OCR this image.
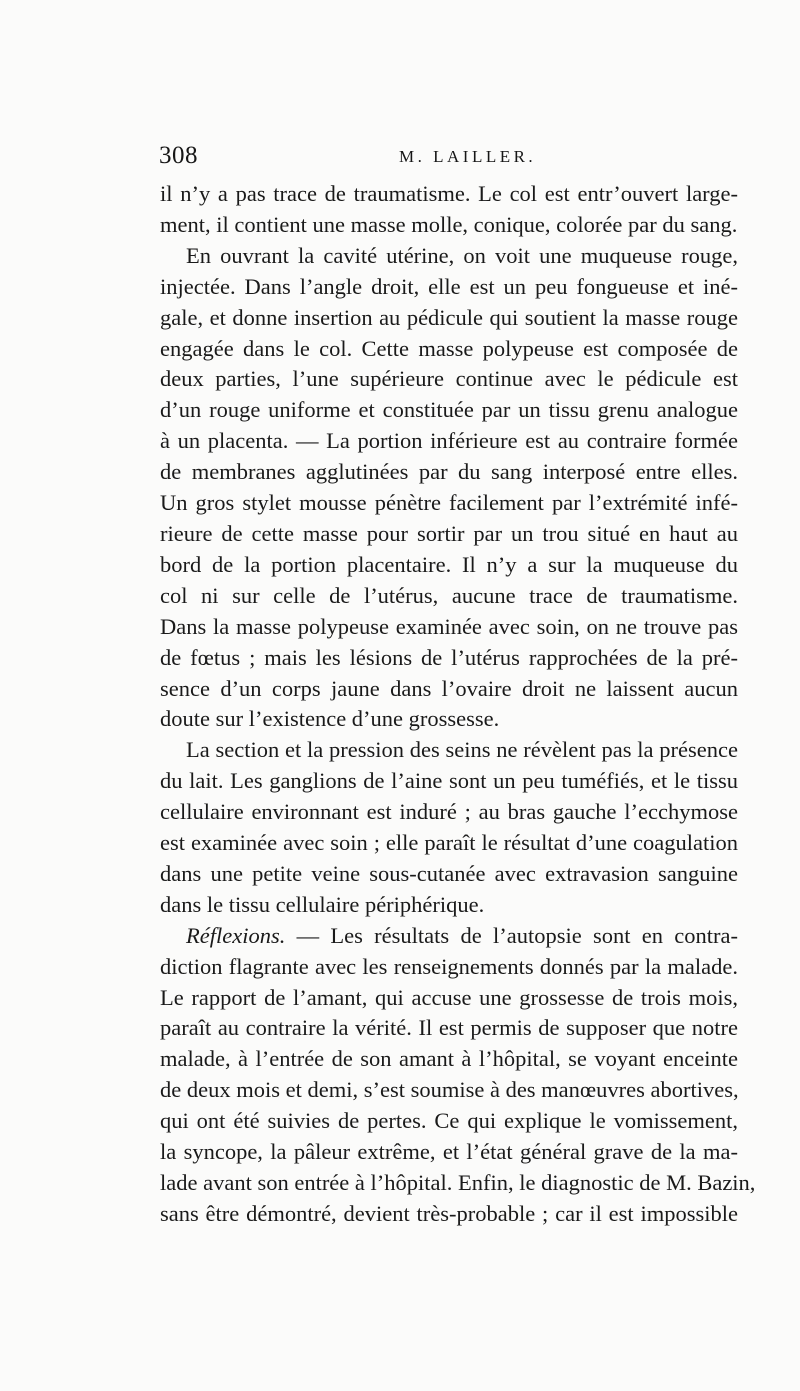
308	M. LAILLER.
il n’y a pas trace de traumatisme. Le col est entr’ouvert large-
ment, il contient une masse molle, conique, colorée par du sang.
En ouvrant la cavité utérine, on voit une muqueuse rouge,
injectée. Dans l’angle droit, elle est un peu fongueuse et iné-
gale, et donne insertion au pédicule qui soutient la masse rouge
engagée dans le col. Cette masse polypeuse est composée de
deux parties, l’une supérieure continue avec le pédicule est
d’un rouge uniforme et constituée par un tissu grenu analogue
à un placenta. — La portion inférieure est au contraire formée
de membranes agglutinées par du sang interposé entre elles.
Un gros stylet mousse pénètre facilement par l’extrémité infé-
rieure de cette masse pour sortir par un trou situé en haut au
bord de la portion placentaire. Il n’y a sur la muqueuse du
col ni sur celle de l’utérus, aucune trace de traumatisme.
Dans la masse polypeuse examinée avec soin, on ne trouve pas
de fœtus ; mais les lésions de l’utérus rapprochées de la pré-
sence d’un corps jaune dans l’ovaire droit ne laissent aucun
doute sur l’existence d’une grossesse.
La section et la pression des seins ne révèlent pas la présence
du lait. Les ganglions de l’aine sont un peu tuméfiés, et le tissu
cellulaire environnant est induré ; au bras gauche l’ecchymose
est examinée avec soin ; elle paraît le résultat d’une coagulation
dans une petite veine sous-cutanée avec extravasion sanguine
dans le tissu cellulaire périphérique.
Réflexions. — Les résultats de l’autopsie sont en contra-
diction flagrante avec les renseignements donnés par la malade.
Le rapport de l’amant, qui accuse une grossesse de trois mois,
paraît au contraire la vérité. Il est permis de supposer que notre
malade, à l’entrée de son amant à l’hôpital, se voyant enceinte
de deux mois et demi, s’est soumise à des manœuvres abortives,
qui ont été suivies de pertes. Ce qui explique le vomissement,
la syncope, la pâleur extrême, et l’état général grave de la ma-
lade avant son entrée à l’hôpital. Enfin, le diagnostic de M. Bazin,
sans être démontré, devient très-probable ; car il est impossible
